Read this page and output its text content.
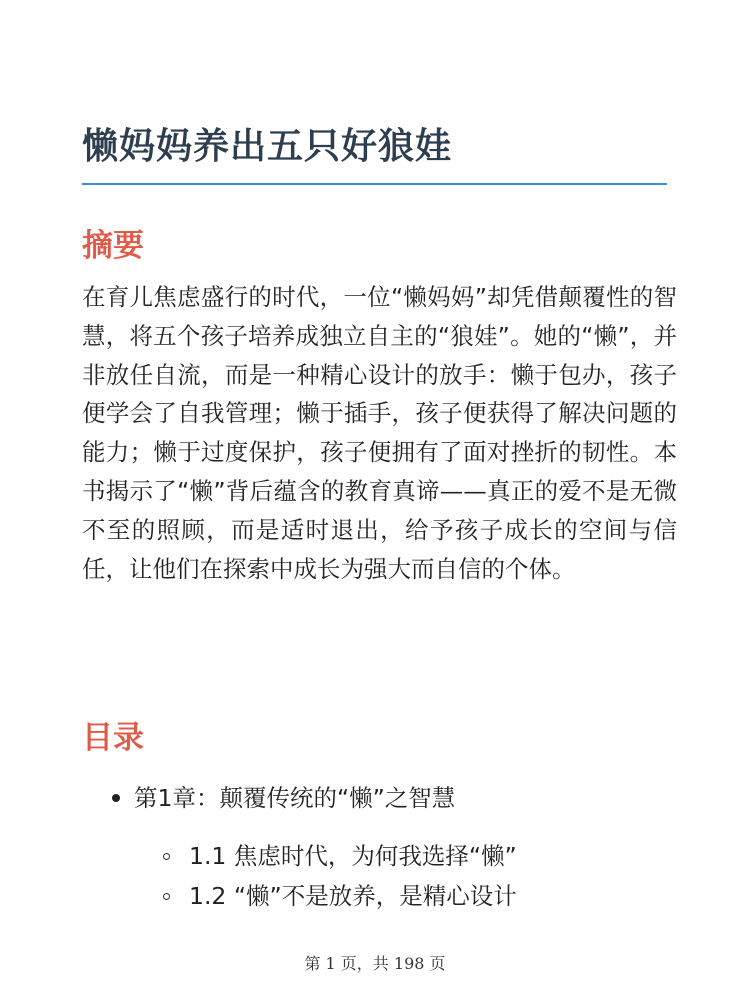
懒妈妈养出五只好狼娃
摘要

在育儿焦虑盛行的时代，一位“懒妈妈”却凭借颠覆性的智慧，将五个孩子培养成独立自主的“狼娃”。她的“懒”，并非放任自流，而是一种精心设计的放手：懒于包办，孩子便学会了自我管理；懒于插手，孩子便获得了解决问题的能力；懒于过度保护，孩子便拥有了面对挫折的韧性。本书揭示了“懒”背后蕴含的教育真谛——真正的爱不是无微不至的照顾，而是适时退出，给予孩子成长的空间与信任，让他们在探索中成长为强大而自信的个体。

目录
第1章：颠覆传统的“懒”之智慧
1.1 焦虑时代，为何我选择“懒”
1.2 “懒”不是放养，是精心设计
第 1 页，共 198 页
